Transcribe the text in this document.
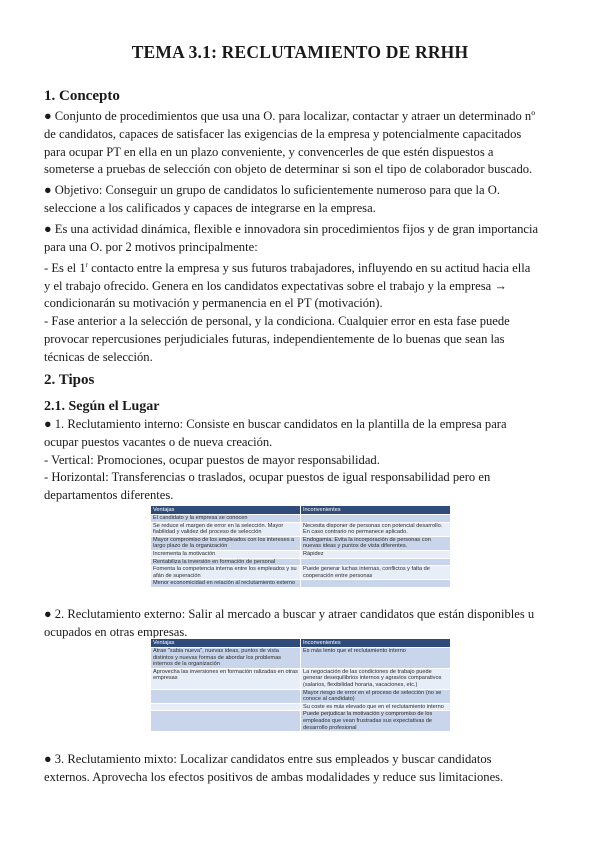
TEMA 3.1: RECLUTAMIENTO DE RRHH
1. Concepto
● Conjunto de procedimientos que usa una O. para localizar, contactar y atraer un determinado nº
de candidatos, capaces de satisfacer las exigencias de la empresa y potencialmente capacitados
para ocupar PT en ella en un plazo conveniente, y convencerles de que estén dispuestos a
someterse a pruebas de selección con objeto de determinar si son el tipo de colaborador buscado.
● Objetivo: Conseguir un grupo de candidatos lo suficientemente numeroso para que la O.
seleccione a los calificados y capaces de integrarse en la empresa.
● Es una actividad dinámica, flexible e innovadora sin procedimientos fijos y de gran importancia
para una O. por 2 motivos principalmente:
- Es el 1$^r$ contacto entre la empresa y sus futuros trabajadores, influyendo en su actitud hacia ella
y el trabajo ofrecido. Genera en los candidatos expectativas sobre el trabajo y la empresa →
condicionarán su motivación y permanencia en el PT (motivación).
- Fase anterior a la selección de personal, y la condiciona. Cualquier error en esta fase puede
provocar repercusiones perjudiciales futuras, independientemente de lo buenas que sean las
técnicas de selección.
2. Tipos
2.1. Según el Lugar
● 1. Reclutamiento interno: Consiste en buscar candidatos en la plantilla de la empresa para
ocupar puestos vacantes o de nueva creación.
- Vertical: Promociones, ocupar puestos de mayor responsabilidad.
- Horizontal: Transferencias o traslados, ocupar puestos de igual responsabilidad pero en
departamentos diferentes.
Ventajas	Inconvenientes
El candidato y la empresa se conocen	
Se reduce el margen de error en la selección. Mayor fiabilidad y validez del proceso de selección	Necesita disponer de personas con potencial desarrollo. En caso contrario no permanece aplicado.
Mayor compromiso de los empleados con los intereses a largo plazo de la organización	Endogamia. Evita la incorporación de personas con nuevas ideas y puntos de vista diferentes.
Incrementa la motivación	Rápidez
Rentabiliza la inversión en formación de personal	
Fomenta la competencia interna entre los empleados y su afán de superación	Puede generar luchas internas, conflictos y falta de cooperación entre personas
Menor economicidad en relación al reclutamiento externo	
● 2. Reclutamiento externo: Salir al mercado a buscar y atraer candidatos que están disponibles u
ocupados en otras empresas.
Ventajas	Inconvenientes
Atrae "sabia nueva", nuevas ideas, puntos de vista distintos y nuevas formas de abordar los problemas internos de la organización	Es más lento que el reclutamiento interno
Aprovecha las inversiones en formación ralizadas en otras empresas	La negociación de las condiciones de trabajo puede generar desequilibrios internos y agravios comparativos (salarios, flexibilidad horaria, vacaciones, etc.)
	Mayor riesgo de error en el proceso de selección (no se conoce al candidato)
	Su coste es más elevado que en el reclutamiento interno
	Puede perjudicar la motivación y compromiso de los empleados que vean frustradas sus expectativas de desarrollo profesional
● 3. Reclutamiento mixto: Localizar candidatos entre sus empleados y buscar candidatos
externos. Aprovecha los efectos positivos de ambas modalidades y reduce sus limitaciones.
